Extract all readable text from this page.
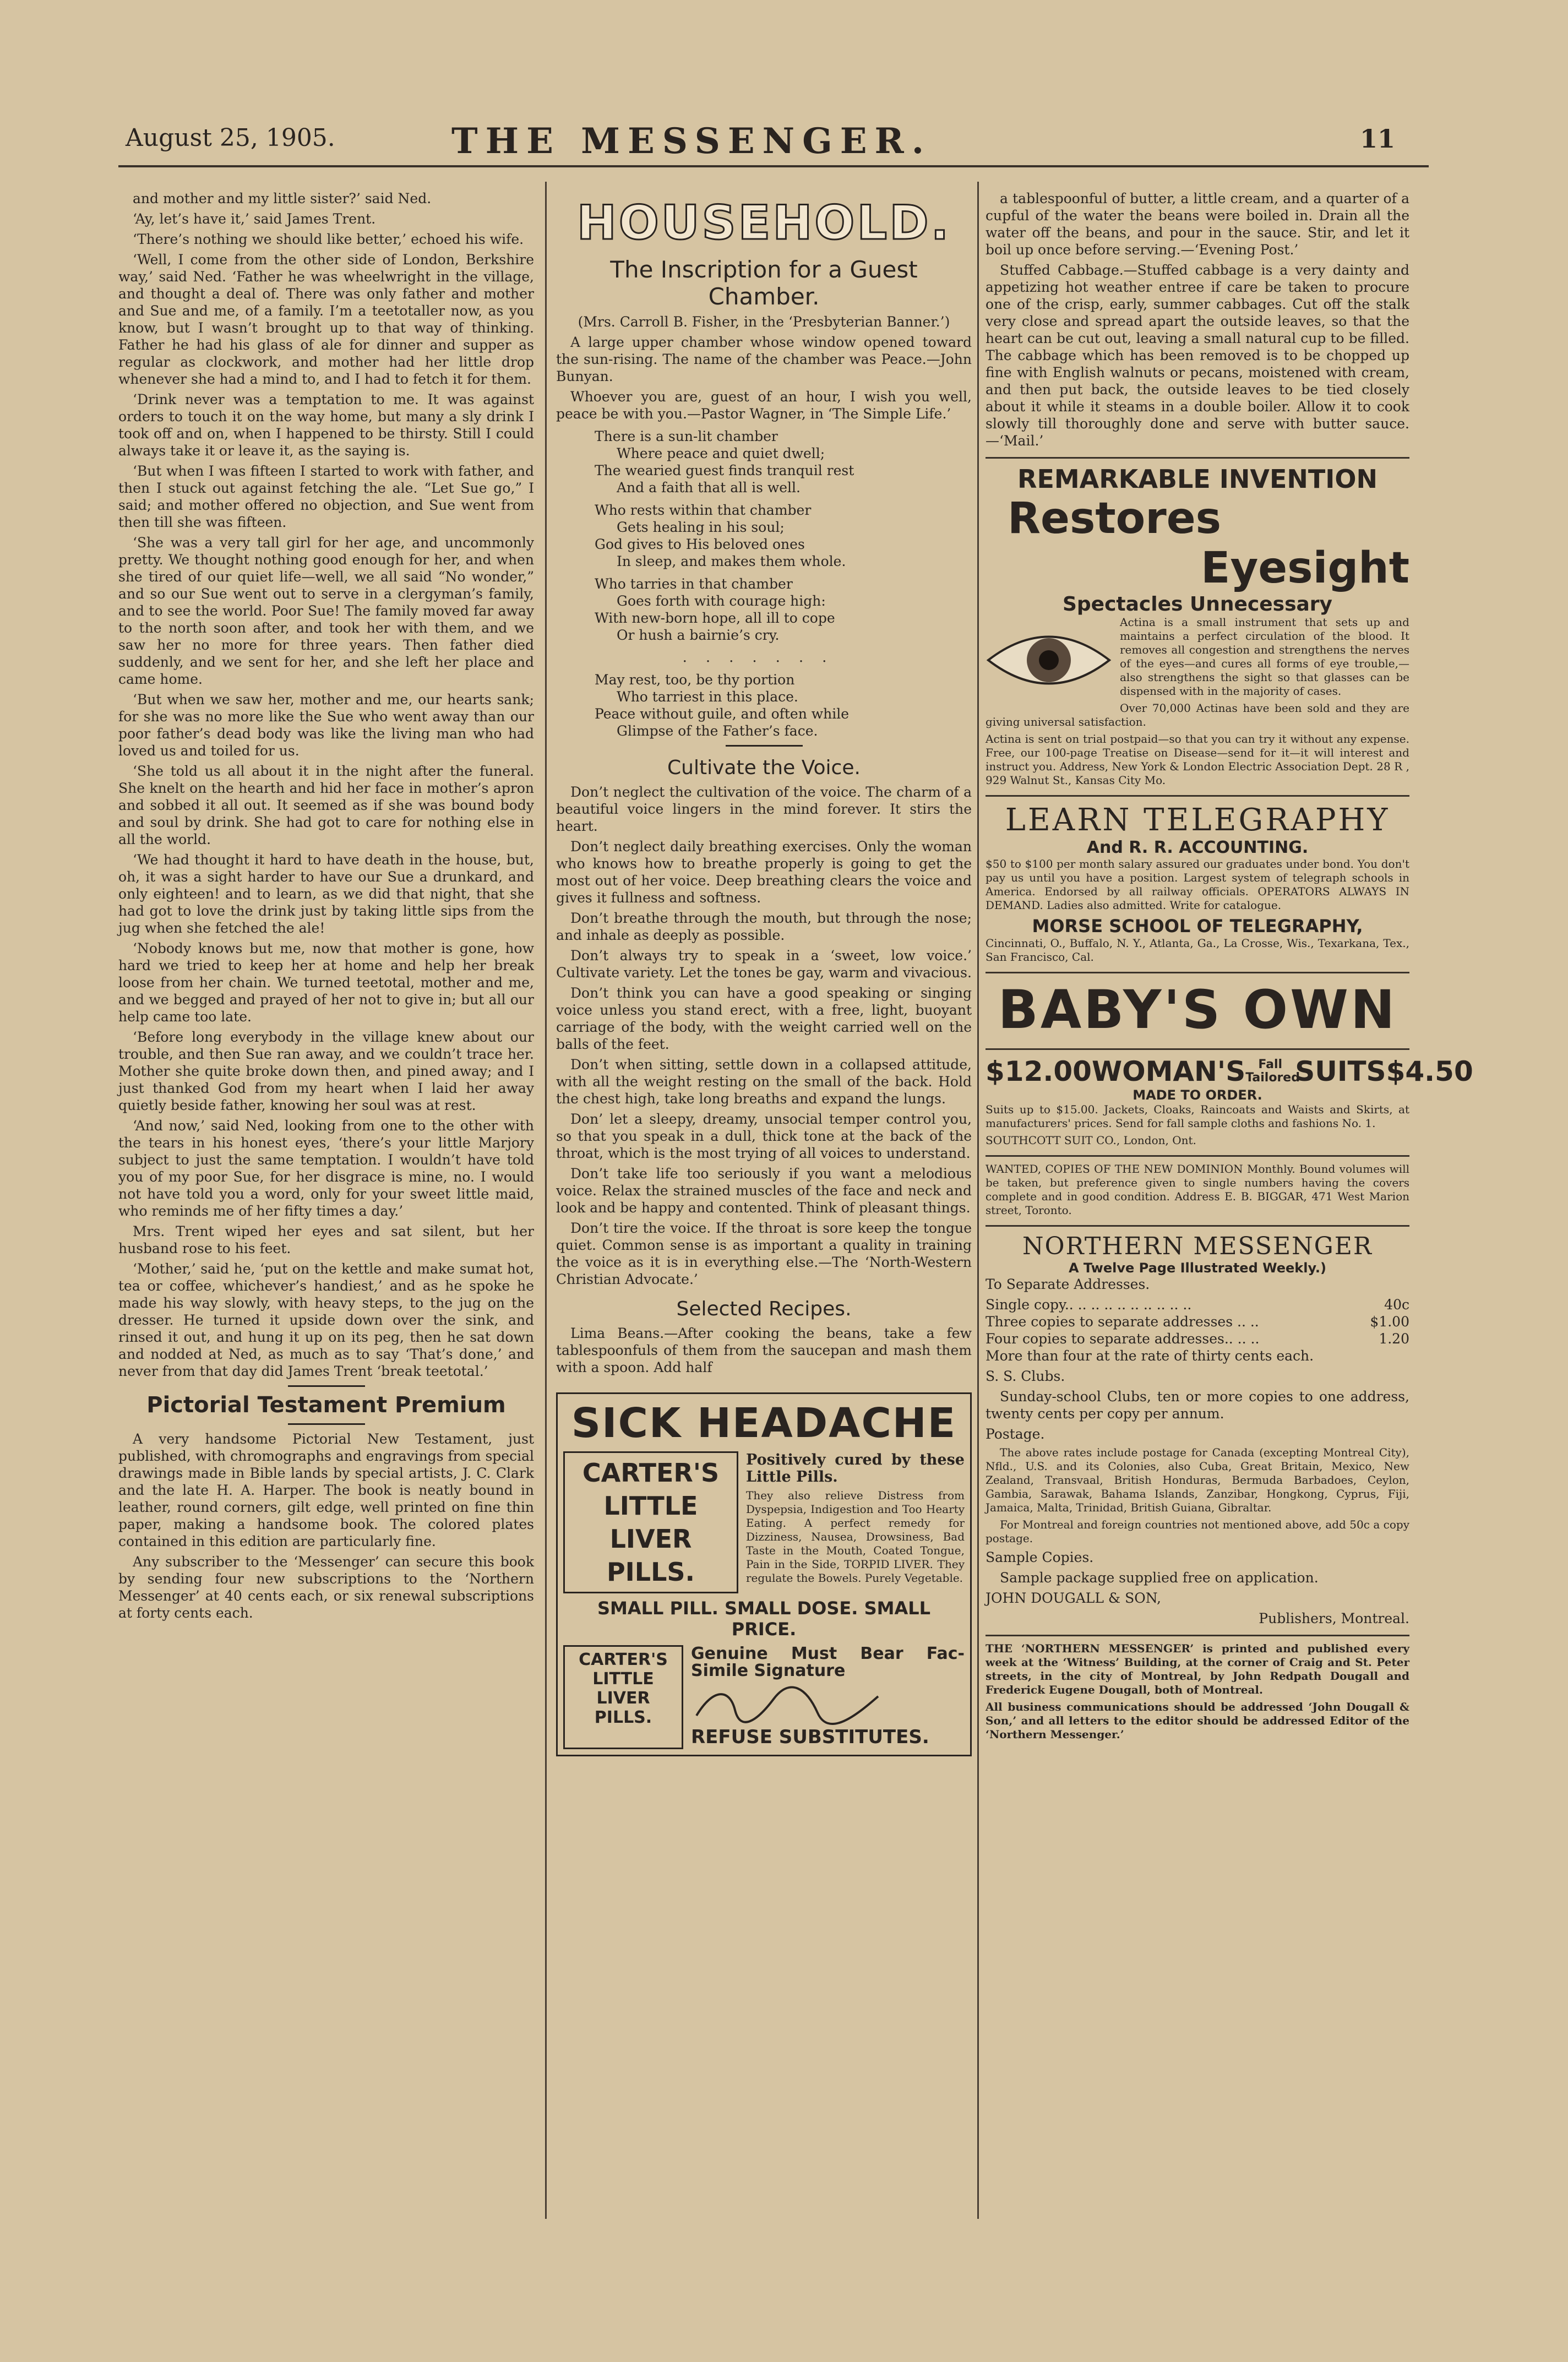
August 25, 1905.	THE MESSENGER.	11

and mother and my little sister?’ said Ned.

‘Ay, let’s have it,’ said James Trent.

‘There’s nothing we should like better,’ echoed his wife.

‘Well, I come from the other side of London, Berkshire way,’ said Ned. ‘Father he was wheelwright in the village, and thought a deal of. There was only father and mother and Sue and me, of a family. I’m a teetotaller now, as you know, but I wasn’t brought up to that way of thinking. Father he had his glass of ale for dinner and supper as regular as clockwork, and mother had her little drop whenever she had a mind to, and I had to fetch it for them.

‘Drink never was a temptation to me. It was against orders to touch it on the way home, but many a sly drink I took off and on, when I happened to be thirsty. Still I could always take it or leave it, as the saying is.

‘But when I was fifteen I started to work with father, and then I stuck out against fetching the ale. “Let Sue go,” I said; and mother offered no objection, and Sue went from then till she was fifteen.

‘She was a very tall girl for her age, and uncommonly pretty. We thought nothing good enough for her, and when she tired of our quiet life—well, we all said “No wonder,” and so our Sue went out to serve in a clergyman’s family, and to see the world. Poor Sue! The family moved far away to the north soon after, and took her with them, and we saw her no more for three years. Then father died suddenly, and we sent for her, and she left her place and came home.

‘But when we saw her, mother and me, our hearts sank; for she was no more like the Sue who went away than our poor father’s dead body was like the living man who had loved us and toiled for us.

‘She told us all about it in the night after the funeral. She knelt on the hearth and hid her face in mother’s apron and sobbed it all out. It seemed as if she was bound body and soul by drink. She had got to care for nothing else in all the world.

‘We had thought it hard to have death in the house, but, oh, it was a sight harder to have our Sue a drunkard, and only eighteen! and to learn, as we did that night, that she had got to love the drink just by taking little sips from the jug when she fetched the ale!

‘Nobody knows but me, now that mother is gone, how hard we tried to keep her at home and help her break loose from her chain. We turned teetotal, mother and me, and we begged and prayed of her not to give in; but all our help came too late.

‘Before long everybody in the village knew about our trouble, and then Sue ran away, and we couldn’t trace her. Mother she quite broke down then, and pined away; and I just thanked God from my heart when I laid her away quietly beside father, knowing her soul was at rest.

‘And now,’ said Ned, looking from one to the other with the tears in his honest eyes, ‘there’s your little Marjory subject to just the same temptation. I wouldn’t have told you of my poor Sue, for her disgrace is mine, no. I would not have told you a word, only for your sweet little maid, who reminds me of her fifty times a day.’

Mrs. Trent wiped her eyes and sat silent, but her husband rose to his feet.

‘Mother,’ said he, ‘put on the kettle and make sumat hot, tea or coffee, whichever’s handiest,’ and as he spoke he made his way slowly, with heavy steps, to the jug on the dresser. He turned it upside down over the sink, and rinsed it out, and hung it up on its peg, then he sat down and nodded at Ned, as much as to say ‘That’s done,’ and never from that day did James Trent ‘break teetotal.’

Pictorial Testament Premium

A very handsome Pictorial New Testament, just published, with chromographs and engravings from special drawings made in Bible lands by special artists, J. C. Clark and the late H. A. Harper. The book is neatly bound in leather, round corners, gilt edge, well printed on fine thin paper, making a handsome book. The colored plates contained in this edition are particularly fine.

Any subscriber to the ‘Messenger’ can secure this book by sending four new subscriptions to the ‘Northern Messenger’ at 40 cents each, or six renewal subscriptions at forty cents each.

HOUSEHOLD.
The Inscription for a Guest Chamber.

(Mrs. Carroll B. Fisher, in the ‘Presbyterian Banner.’)

A large upper chamber whose window opened toward the sun-rising. The name of the chamber was Peace.—John Bunyan.

Whoever you are, guest of an hour, I wish you well, peace be with you.—Pastor Wagner, in ‘The Simple Life.’

There is a sun-lit chamber

Where peace and quiet dwell;

The wearied guest finds tranquil rest

And a faith that all is well.

Who rests within that chamber

Gets healing in his soul;

God gives to His beloved ones

In sleep, and makes them whole.

Who tarries in that chamber

Goes forth with courage high:

With new-born hope, all ill to cope

Or hush a bairnie’s cry.

.......

May rest, too, be thy portion

Who tarriest in this place.

Peace without guile, and often while

Glimpse of the Father’s face.

Cultivate the Voice.

Don’t neglect the cultivation of the voice. The charm of a beautiful voice lingers in the mind forever. It stirs the heart.

Don’t neglect daily breathing exercises. Only the woman who knows how to breathe properly is going to get the most out of her voice. Deep breathing clears the voice and gives it fullness and softness.

Don’t breathe through the mouth, but through the nose; and inhale as deeply as possible.

Don’t always try to speak in a ‘sweet, low voice.’ Cultivate variety. Let the tones be gay, warm and vivacious.

Don’t think you can have a good speaking or singing voice unless you stand erect, with a free, light, buoyant carriage of the body, with the weight carried well on the balls of the feet.

Don’t when sitting, settle down in a collapsed attitude, with all the weight resting on the small of the back. Hold the chest high, take long breaths and expand the lungs.

Don’ let a sleepy, dreamy, unsocial temper control you, so that you speak in a dull, thick tone at the back of the throat, which is the most trying of all voices to understand.

Don’t take life too seriously if you want a melodious voice. Relax the strained muscles of the face and neck and look and be happy and contented. Think of pleasant things.

Don’t tire the voice. If the throat is sore keep the tongue quiet. Common sense is as important a quality in training the voice as it is in everything else.—The ‘North-Western Christian Advocate.’

Selected Recipes.

Lima Beans.—After cooking the beans, take a few tablespoonfuls of them from the saucepan and mash them with a spoon. Add half

SICK HEADACHE
CARTER'S LITTLE LIVER PILLS.

Positively cured by these Little Pills.

They also relieve Distress from Dyspepsia, Indigestion and Too Hearty Eating. A perfect remedy for Dizziness, Nausea, Drowsiness, Bad Taste in the Mouth, Coated Tongue, Pain in the Side, TORPID LIVER. They regulate the Bowels. Purely Vegetable.

SMALL PILL. SMALL DOSE. SMALL PRICE.
CARTER'S
LITTLE
LIVER
PILLS.

Genuine Must Bear Fac-Simile Signature

REFUSE SUBSTITUTES.

a tablespoonful of butter, a little cream, and a quarter of a cupful of the water the beans were boiled in. Drain all the water off the beans, and pour in the sauce. Stir, and let it boil up once before serving.—‘Evening Post.’

Stuffed Cabbage.—Stuffed cabbage is a very dainty and appetizing hot weather entree if care be taken to procure one of the crisp, early, summer cabbages. Cut off the stalk very close and spread apart the outside leaves, so that the heart can be cut out, leaving a small natural cup to be filled. The cabbage which has been removed is to be chopped up fine with English walnuts or pecans, moistened with cream, and then put back, the outside leaves to be tied closely about it while it steams in a double boiler. Allow it to cook slowly till thoroughly done and serve with butter sauce.—‘Mail.’

REMARKABLE INVENTION
Restores
Eyesight
Spectacles Unnecessary

Actina is a small instrument that sets up and maintains a perfect circulation of the blood. It removes all congestion and strengthens the nerves of the eyes—and cures all forms of eye trouble,—also strengthens the sight so that glasses can be dispensed with in the majority of cases.

Over 70,000 Actinas have been sold and they are giving universal satisfaction.

Actina is sent on trial postpaid—so that you can try it without any expense. Free, our 100-page Treatise on Disease—send for it—it will interest and instruct you. Address, New York & London Electric Association Dept. 28 R , 929 Walnut St., Kansas City Mo.

LEARN TELEGRAPHY
And R. R. ACCOUNTING.

$50 to $100 per month salary assured our graduates under bond. You don't pay us until you have a position. Largest system of telegraph schools in America. Endorsed by all railway officials. OPERATORS ALWAYS IN DEMAND. Ladies also admitted. Write for catalogue.

MORSE SCHOOL OF TELEGRAPHY,

Cincinnati, O., Buffalo, N. Y., Atlanta, Ga., La Crosse, Wis., Texarkana, Tex., San Francisco, Cal.

BABY'S OWN
$12.00 WOMAN'S	Fall Tailored
SUITS $4.50
MADE TO ORDER.

Suits up to $15.00. Jackets, Cloaks, Raincoats and Waists and Skirts, at manufacturers' prices. Send for fall sample cloths and fashions No. 1.

SOUTHCOTT SUIT CO., London, Ont.

WANTED, COPIES OF THE NEW DOMINION Monthly. Bound volumes will be taken, but preference given to single numbers having the covers complete and in good condition. Address E. B. BIGGAR, 471 West Marion street, Toronto.

NORTHERN MESSENGER
A Twelve Page Illustrated Weekly.)

To Separate Addresses.

Single copy.. .. .. .. .. .. .. .. .. ..	40c
Three copies to separate addresses .. ..	$1.00
Four copies to separate addresses.. .. ..	1.20

More than four at the rate of thirty cents each.

S. S. Clubs.

Sunday-school Clubs, ten or more copies to one address, twenty cents per copy per annum.

Postage.

The above rates include postage for Canada (excepting Montreal City), Nfld., U.S. and its Colonies, also Cuba, Great Britain, Mexico, New Zealand, Transvaal, British Honduras, Bermuda Barbadoes, Ceylon, Gambia, Sarawak, Bahama Islands, Zanzibar, Hongkong, Cyprus, Fiji, Jamaica, Malta, Trinidad, British Guiana, Gibraltar.

For Montreal and foreign countries not mentioned above, add 50c a copy postage.

Sample Copies.

Sample package supplied free on application.

JOHN DOUGALL & SON,

Publishers, Montreal.

THE ‘NORTHERN MESSENGER’ is printed and published every week at the ‘Witness’ Building, at the corner of Craig and St. Peter streets, in the city of Montreal, by John Redpath Dougall and Frederick Eugene Dougall, both of Montreal.

All business communications should be addressed ‘John Dougall & Son,’ and all letters to the editor should be addressed Editor of the ‘Northern Messenger.’
